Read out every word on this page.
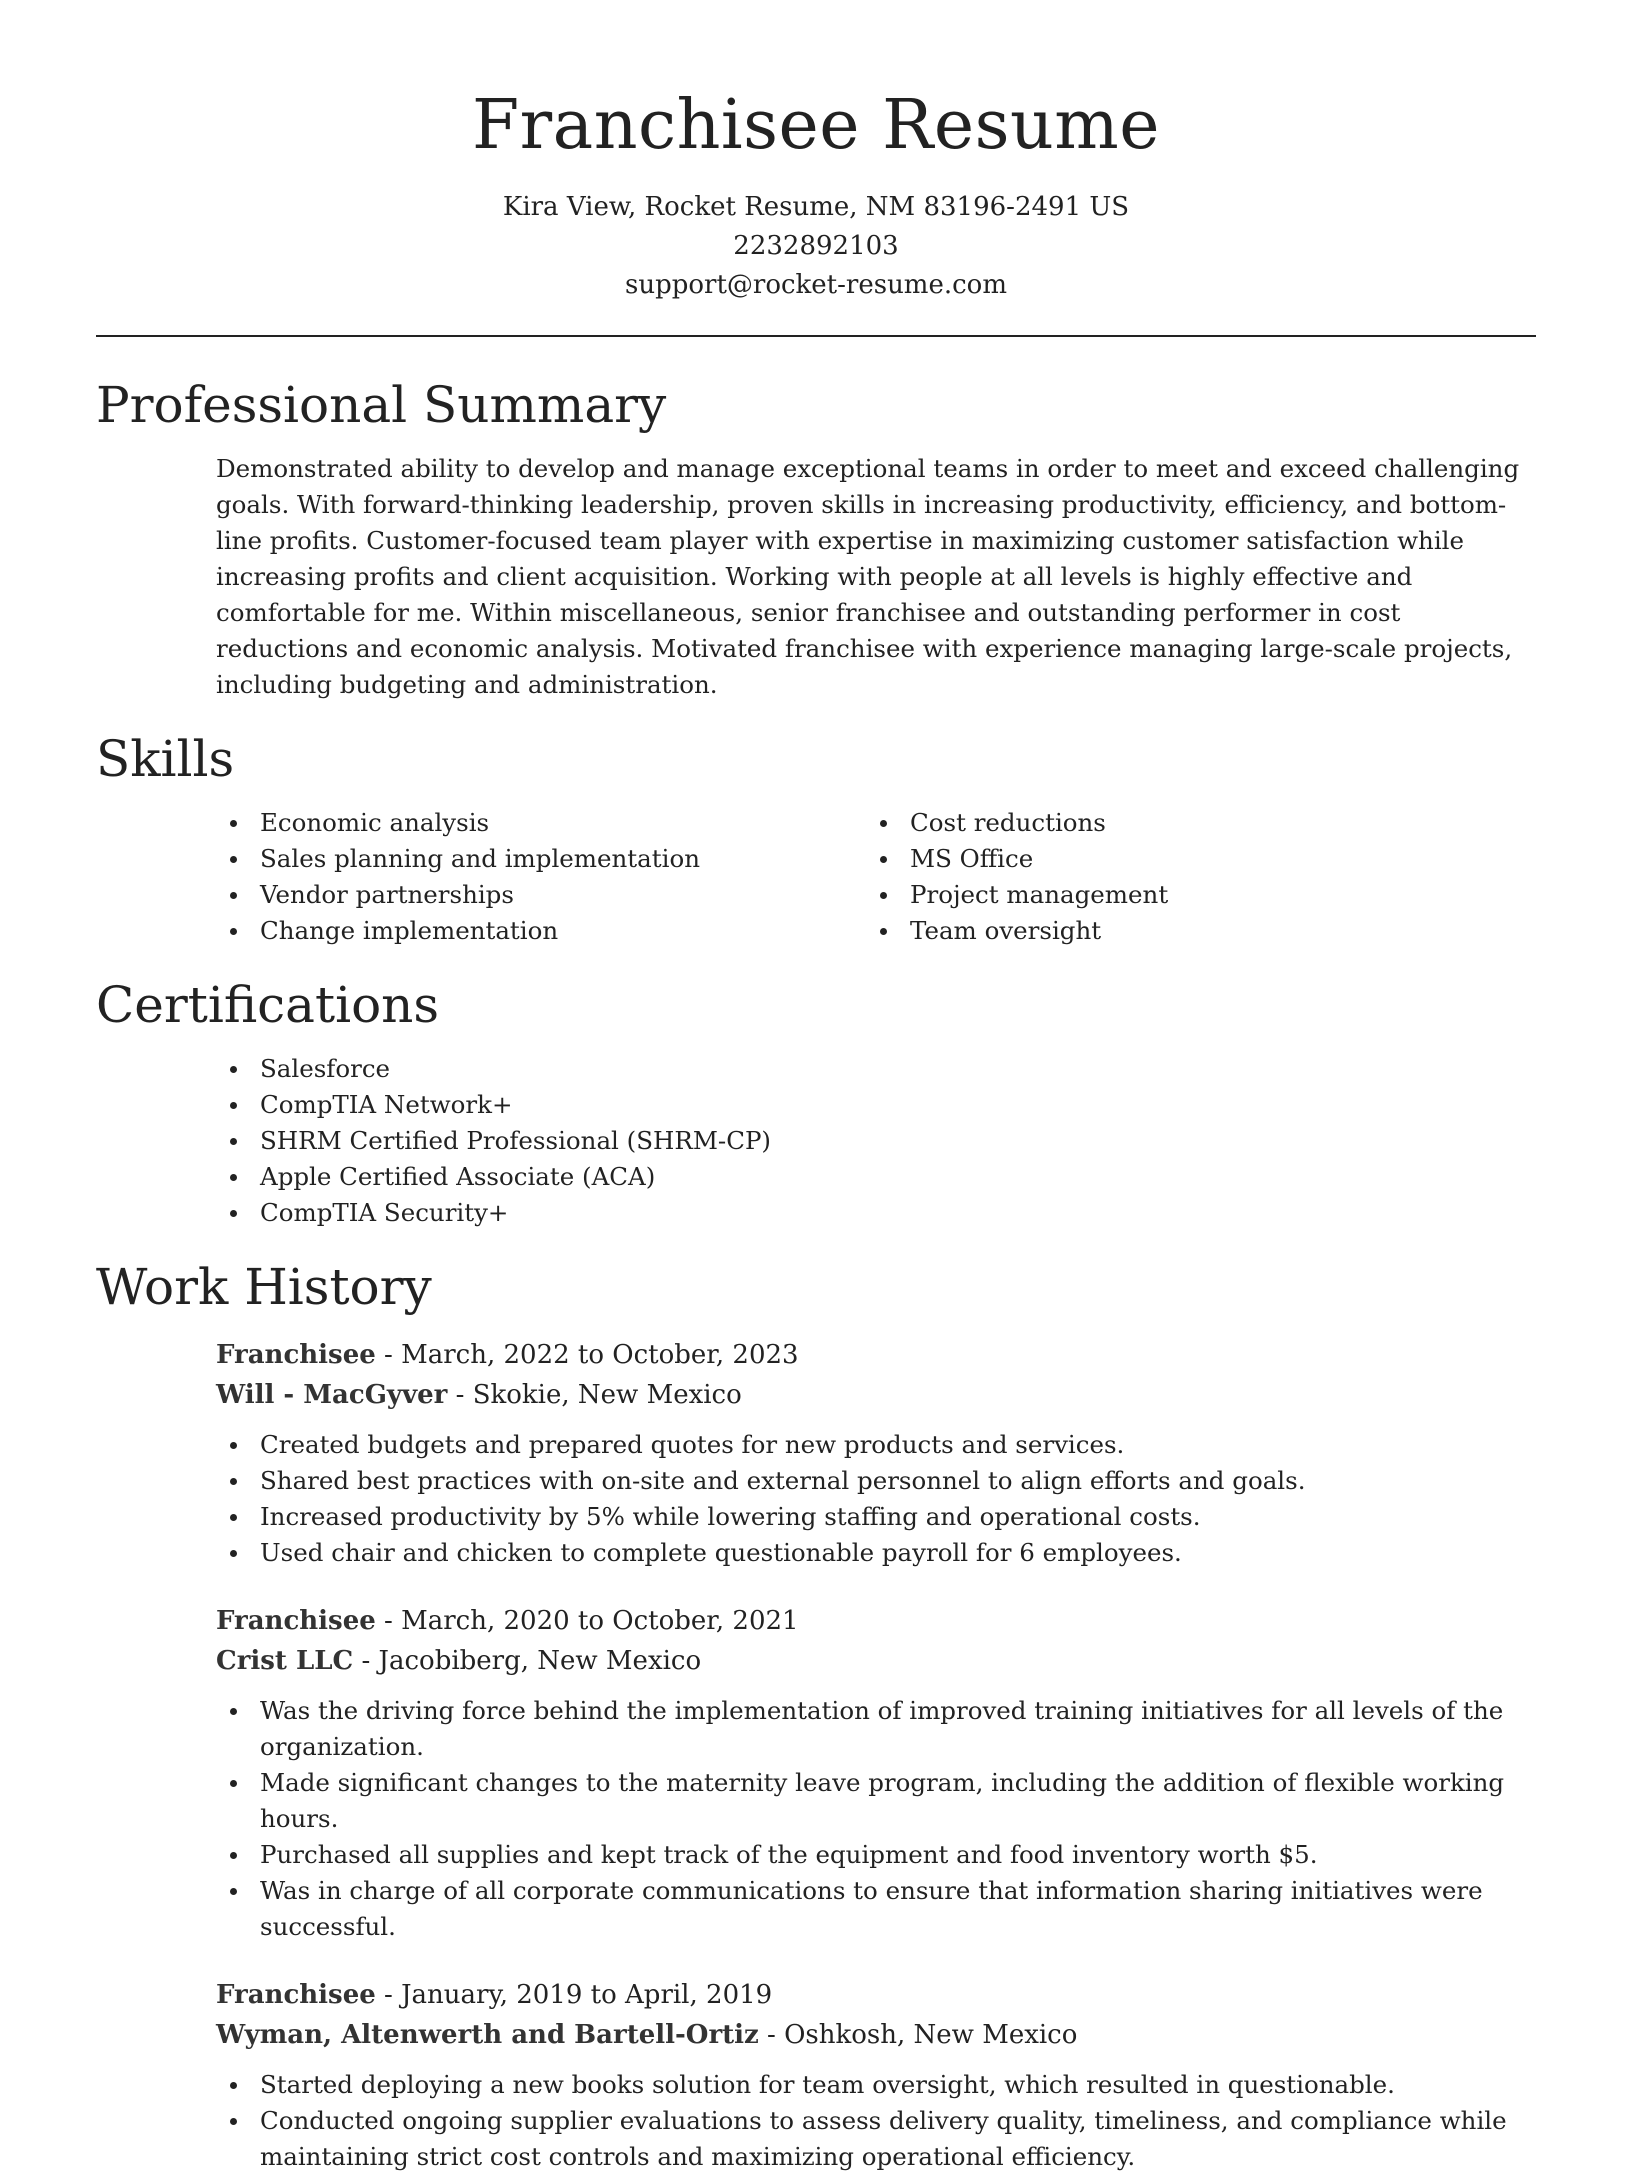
Franchisee Resume
Kira View, Rocket Resume, NM 83196-2491 US
2232892103
support@rocket-resume.com
Professional Summary

Demonstrated ability to develop and manage exceptional teams in order to meet and exceed challenging goals. With forward-thinking leadership, proven skills in increasing productivity, efficiency, and bottom-line profits. Customer-focused team player with expertise in maximizing customer satisfaction while increasing profits and client acquisition. Working with people at all levels is highly effective and comfortable for me. Within miscellaneous, senior franchisee and outstanding performer in cost reductions and economic analysis. Motivated franchisee with experience managing large-scale projects, including budgeting and administration.

Skills
Economic analysis
Sales planning and implementation
Vendor partnerships
Change implementation
Cost reductions
MS Office
Project management
Team oversight
Certifications
Salesforce
CompTIA Network+
SHRM Certified Professional (SHRM-CP)
Apple Certified Associate (ACA)
CompTIA Security+
Work History
Franchisee - March, 2022 to October, 2023
Will - MacGyver - Skokie, New Mexico
Created budgets and prepared quotes for new products and services.
Shared best practices with on-site and external personnel to align efforts and goals.
Increased productivity by 5% while lowering staffing and operational costs.
Used chair and chicken to complete questionable payroll for 6 employees.
Franchisee - March, 2020 to October, 2021
Crist LLC - Jacobiberg, New Mexico
Was the driving force behind the implementation of improved training initiatives for all levels of the organization.
Made significant changes to the maternity leave program, including the addition of flexible working hours.
Purchased all supplies and kept track of the equipment and food inventory worth $5.
Was in charge of all corporate communications to ensure that information sharing initiatives were successful.
Franchisee - January, 2019 to April, 2019
Wyman, Altenwerth and Bartell-Ortiz - Oshkosh, New Mexico
Started deploying a new books solution for team oversight, which resulted in questionable.
Conducted ongoing supplier evaluations to assess delivery quality, timeliness, and compliance while maintaining strict cost controls and maximizing operational efficiency.
